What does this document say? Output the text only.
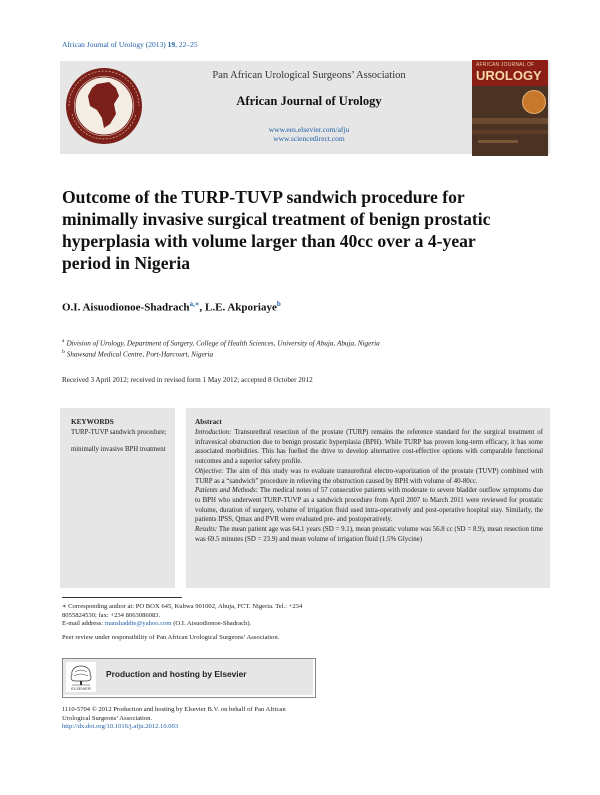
African Journal of Urology (2013) 19, 22–25
Pan African Urological Surgeons’ Association
African Journal of Urology
www.ees.elsevier.com/afju
www.sciencedirect.com
AFRICAN JOURNAL OF
UROLOGY
Outcome of the TURP-TUVP sandwich procedure for minimally invasive surgical treatment of benign prostatic hyperplasia with volume larger than 40cc over a 4-year period in Nigeria
O.I. Aisuodionoe-Shadrach$^{a,∗}$, L.E. Akporiaye$^b$
$^a$ Division of Urology, Department of Surgery, College of Health Sciences, University of Abuja, Abuja, Nigeria
$^b$ Shawsand Medical Centre, Port-Harcourt, Nigeria
Received 3 April 2012; received in revised form 1 May 2012; accepted 8 October 2012
KEYWORDS
TURP-TUVP sandwich procedure;
minimally invasive BPH treatment
Abstract

Introduction: Transurethral resection of the prostate (TURP) remains the reference standard for the surgical treatment of infravesical obstruction due to benign prostatic hyperplasia (BPH). While TURP has proven long-term efficacy, it has some associated morbidities. This has fuelled the drive to develop alternative cost-effective options with comparable functional outcomes and a superior safety profile.

Objective: The aim of this study was to evaluate transurethral electro-vaporization of the prostate (TUVP) combined with TURP as a “sandwich” procedure in relieving the obstruction caused by BPH with volume of 40-80cc.

Patients and Methods: The medical notes of 57 consecutive patients with moderate to severe bladder outflow symptoms due to BPH who underwent TURP-TUVP as a sandwich procedure from April 2007 to March 2011 were reviewed for prostatic volume, duration of surgery, volume of irrigation fluid used intra-operatively and post-operative hospital stay. Similarly, the patients IPSS, Qmax and PVR were evaluated pre- and postoperatively.

Results: The mean patient age was 64.1 years (SD = 9.1), mean prostatic volume was 56.8 cc (SD = 8.9), mean resection time was 69.5 minutes (SD = 23.9) and mean volume of irrigation fluid (1.5% Glycine)

∗ Corresponding author at: PO BOX 645, Kubwa 901002, Abuja, FCT. Nigeria. Tel.: +234 8055824530; fax: +234 8063086083.
E-mail address: manshaddie@yahoo.com (O.I. Aisuodionoe-Shadrach).
Peer review under responsibility of Pan African Urological Surgeons’ Association.
ELSEVIER
Production and hosting by Elsevier
1110-5704 © 2012 Production and hosting by Elsevier B.V. on behalf of Pan African Urological Surgeons’ Association.
http://dx.doi.org/10.1016/j.afju.2012.10.003
